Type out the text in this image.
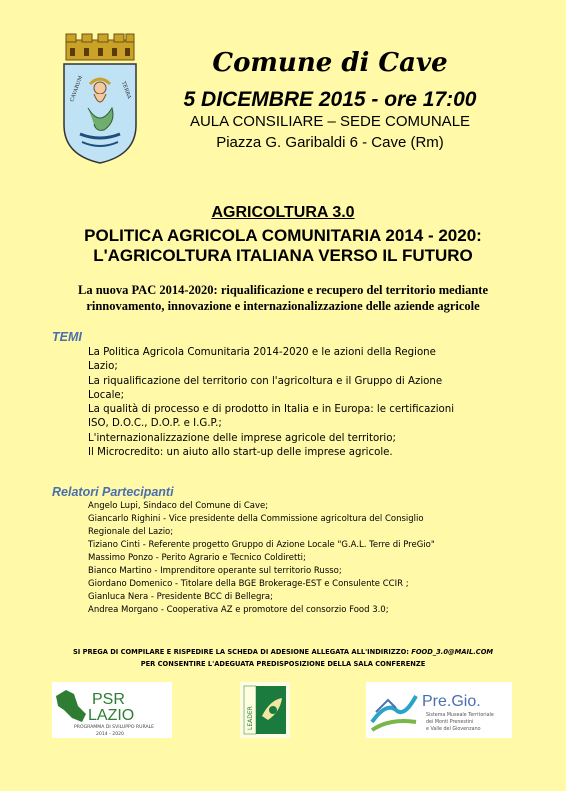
CAVARUM	TERRA
Comune di Cave
5 DICEMBRE 2015 - ore 17:00
AULA CONSILIARE – SEDE COMUNALE
Piazza G. Garibaldi 6 - Cave (Rm)
AGRICOLTURA 3.0
POLITICA AGRICOLA COMUNITARIA 2014 - 2020:
L'AGRICOLTURA ITALIANA VERSO IL FUTURO
La nuova PAC 2014-2020: riqualificazione e recupero del territorio mediante
rinnovamento, innovazione e internazionalizzazione delle aziende agricole
TEMI
La Politica Agricola Comunitaria 2014-2020 e le azioni della Regione
Lazio;
La riqualificazione del territorio con l'agricoltura e il Gruppo di Azione
Locale;
La qualità di processo e di prodotto in Italia e in Europa: le certificazioni
ISO, D.O.C., D.O.P. e I.G.P.;
L'internazionalizzazione delle imprese agricole del territorio;
Il Microcredito: un aiuto allo start-up delle imprese agricole.
Relatori Partecipanti
Angelo Lupi, Sindaco del Comune di Cave;
Giancarlo Righini - Vice presidente della Commissione agricoltura del Consiglio
Regionale del Lazio;
Tiziano Cinti - Referente progetto Gruppo di Azione Locale "G.A.L. Terre di PreGio"
Massimo Ponzo - Perito Agrario e Tecnico Coldiretti;
Bianco Martino - Imprenditore operante sul territorio Russo;
Giordano Domenico - Titolare della BGE Brokerage-EST e Consulente CCIR ;
Gianluca Nera - Presidente BCC di Bellegra;
Andrea Morgano - Cooperativa AZ e promotore del consorzio Food 3.0;
SI PREGA DI COMPILARE E RISPEDIRE LA SCHEDA DI ADESIONE ALLEGATA ALL'INDIRIZZO: FOOD_3.0@MAIL.COM
PER CONSENTIRE L'ADEGUATA PREDISPOSIZIONE DELLA SALA CONFERENZE
PSR
LAZIO
PROGRAMMA DI SVILUPPO RURALE
2014 - 2020
LEADER
Pre.Gio.
Sistema Museale Territoriale
dei Monti Prenestini
e Valle del Giovenzano
